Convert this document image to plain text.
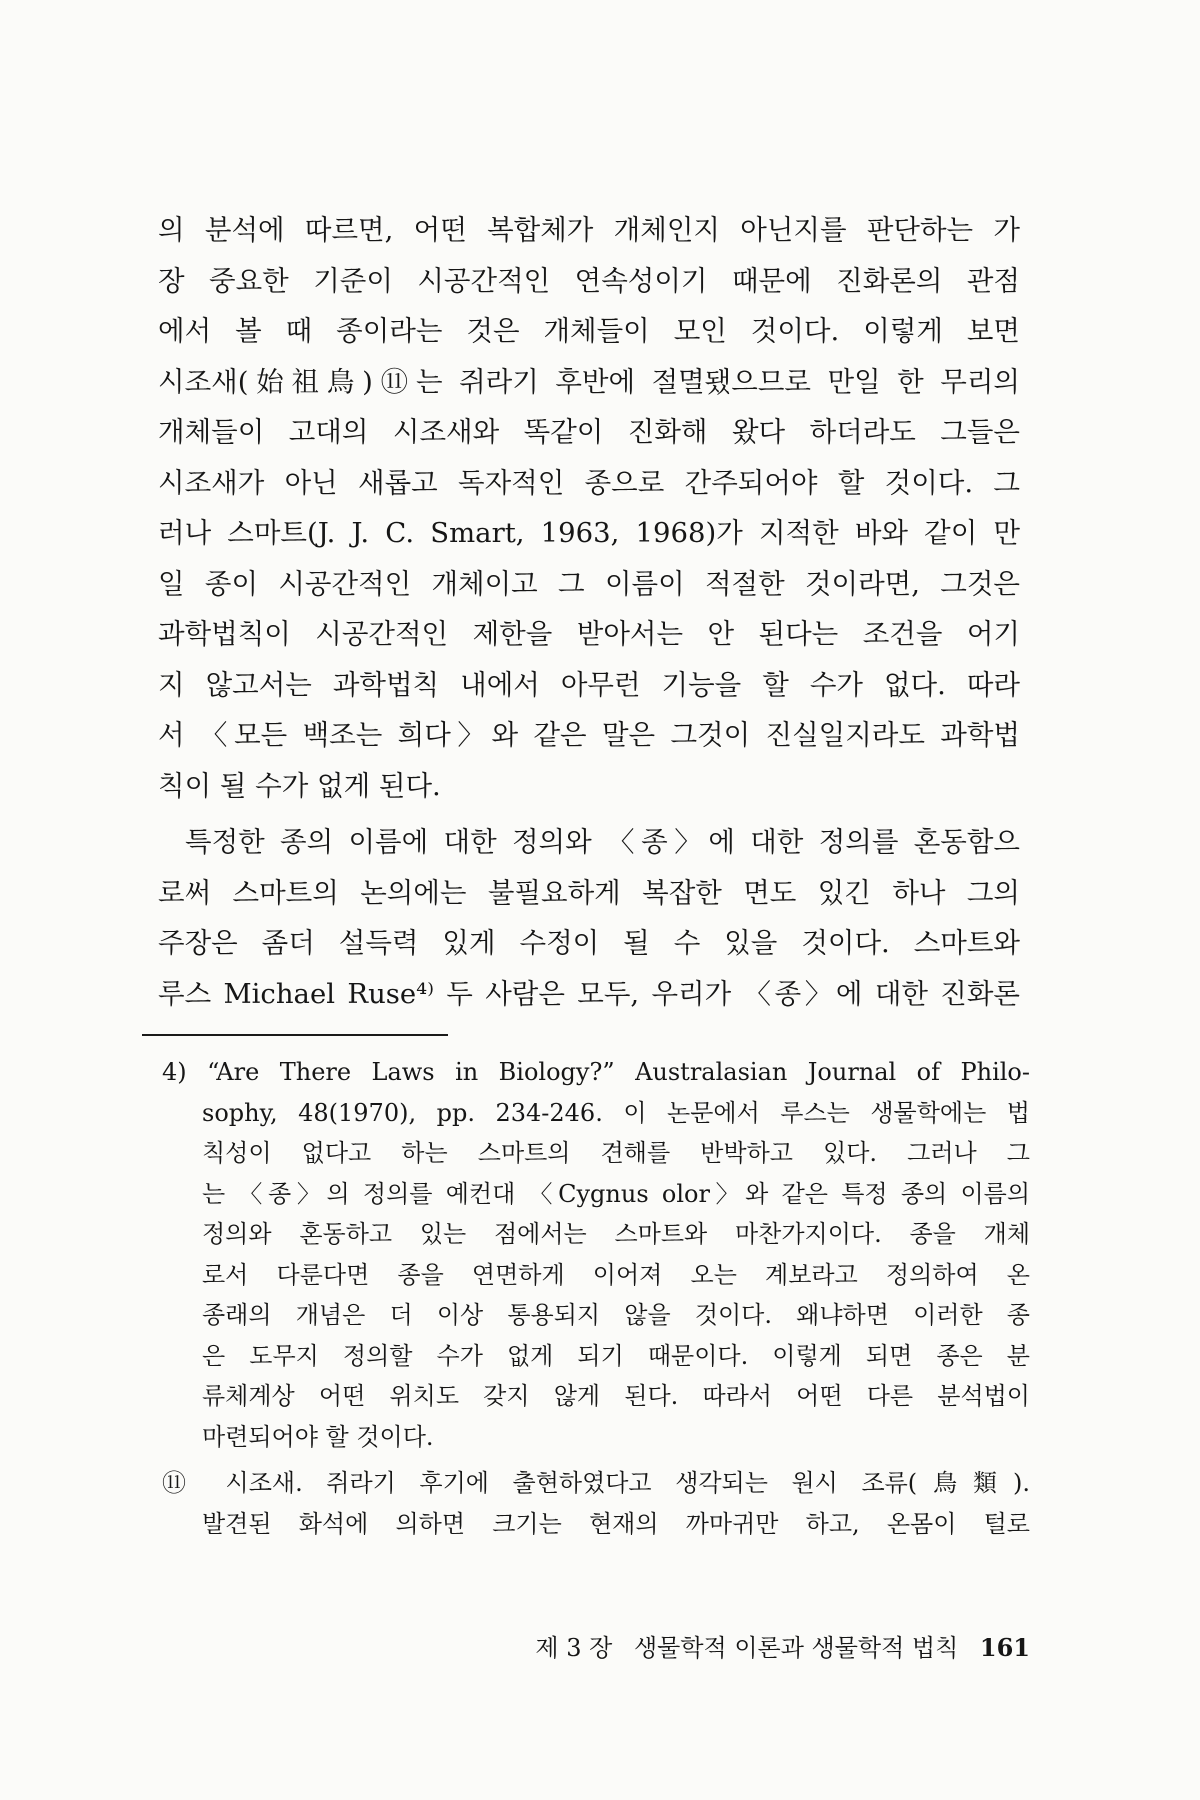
의 분석에 따르면, 어떤 복합체가 개체인지 아닌지를 판단하는 가
장 중요한 기준이 시공간적인 연속성이기 때문에 진화론의 관점
에서 볼 때 종이라는 것은 개체들이 모인 것이다. 이렇게 보면
시조새(始祖鳥)⑪는 쥐라기 후반에 절멸됐으므로 만일 한 무리의
개체들이 고대의 시조새와 똑같이 진화해 왔다 하더라도 그들은
시조새가 아닌 새롭고 독자적인 종으로 간주되어야 할 것이다. 그
러나 스마트(J. J. C. Smart, 1963, 1968)가 지적한 바와 같이 만
일 종이 시공간적인 개체이고 그 이름이 적절한 것이라면, 그것은
과학법칙이 시공간적인 제한을 받아서는 안 된다는 조건을 어기
지 않고서는 과학법칙 내에서 아무런 기능을 할 수가 없다. 따라
서 〈모든 백조는 희다〉와 같은 말은 그것이 진실일지라도 과학법
칙이 될 수가 없게 된다.
특정한 종의 이름에 대한 정의와 〈종〉에 대한 정의를 혼동함으
로써 스마트의 논의에는 불필요하게 복잡한 면도 있긴 하나 그의
주장은 좀더 설득력 있게 수정이 될 수 있을 것이다. 스마트와
루스 Michael Ruse⁴⁾ 두 사람은 모두, 우리가 〈종〉에 대한 진화론
4) “Are There Laws in Biology?” Australasian Journal of Philo-
sophy, 48(1970), pp. 234-246. 이 논문에서 루스는 생물학에는 법
칙성이 없다고 하는 스마트의 견해를 반박하고 있다. 그러나 그
는 〈종〉의 정의를 예컨대 〈Cygnus olor〉와 같은 특정 종의 이름의
정의와 혼동하고 있는 점에서는 스마트와 마찬가지이다. 종을 개체
로서 다룬다면 종을 연면하게 이어져 오는 계보라고 정의하여 온
종래의 개념은 더 이상 통용되지 않을 것이다. 왜냐하면 이러한 종
은 도무지 정의할 수가 없게 되기 때문이다. 이렇게 되면 종은 분
류체계상 어떤 위치도 갖지 않게 된다. 따라서 어떤 다른 분석법이
마련되어야 할 것이다.
⑪ 시조새. 쥐라기 후기에 출현하였다고 생각되는 원시 조류(鳥類).
발견된 화석에 의하면 크기는 현재의 까마귀만 하고, 온몸이 털로
제 3 장 생물학적 이론과 생물학적 법칙 161
